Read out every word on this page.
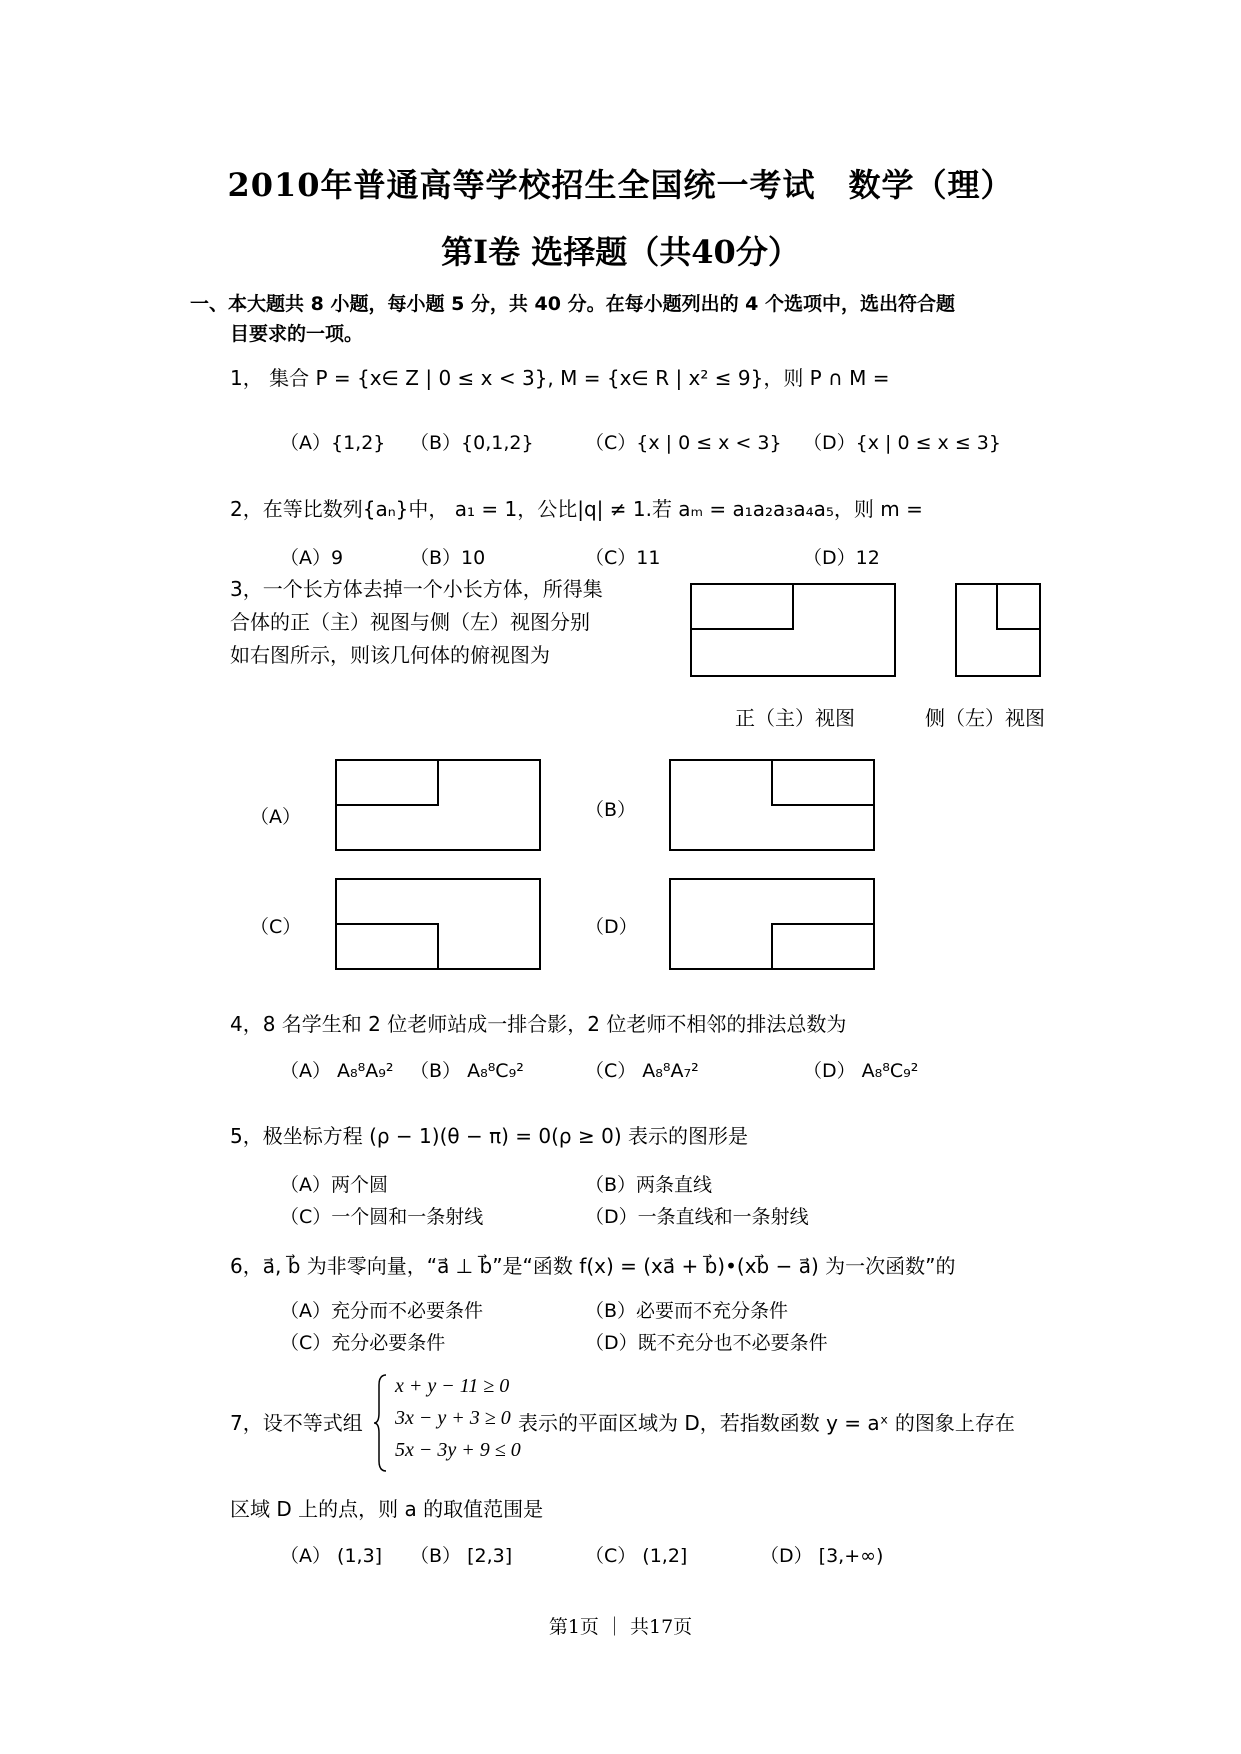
2010年普通高等学校招生全国统一考试　数学（理）
第I卷 选择题（共40分）
一、本大题共 8 小题，每小题 5 分，共 40 分。在每小题列出的 4 个选项中，选出符合题
目要求的一项。
1， 集合 P = {x∈ Z | 0 ≤ x < 3}, M = {x∈ R | x² ≤ 9}，则 P ∩ M =
（A）{1,2} （B）{0,1,2}	（C）{x | 0 ≤ x < 3} （D）{x | 0 ≤ x ≤ 3}
2，在等比数列{aₙ}中， a₁ = 1，公比|q| ≠ 1.若 aₘ = a₁a₂a₃a₄a₅，则 m =
（A）9	（B）10	（C）11	（D）12
3，一个长方体去掉一个小长方体，所得集
合体的正（主）视图与侧（左）视图分别
如右图所示，则该几何体的俯视图为
正（主）视图	侧（左）视图
（A）	（B）
（C）	（D）
4，8 名学生和 2 位老师站成一排合影，2 位老师不相邻的排法总数为
（A） A₈⁸A₉² （B） A₈⁸C₉²	（C） A₈⁸A₇²	（D） A₈⁸C₉²
5，极坐标方程 (ρ − 1)(θ − π) = 0(ρ ≥ 0) 表示的图形是
（A）两个圆	（B）两条直线
（C）一个圆和一条射线	（D）一条直线和一条射线
6，a⃗, b⃗ 为非零向量，“a⃗ ⊥ b⃗”是“函数 f(x) = (xa⃗ + b⃗)•(xb⃗ − a⃗) 为一次函数”的
（A）充分而不必要条件	（B）必要而不充分条件
（C）充分必要条件	（D）既不充分也不必要条件
7，设不等式组
x + y − 11 ≥ 0
3x − y + 3 ≥ 0
5x − 3y + 9 ≤ 0
表示的平面区域为 D，若指数函数 y = aˣ 的图象上存在
区域 D 上的点，则 a 的取值范围是
（A） (1,3] （B） [2,3]	（C） (1,2]	（D） [3,+∞)
第1页 ｜ 共17页
